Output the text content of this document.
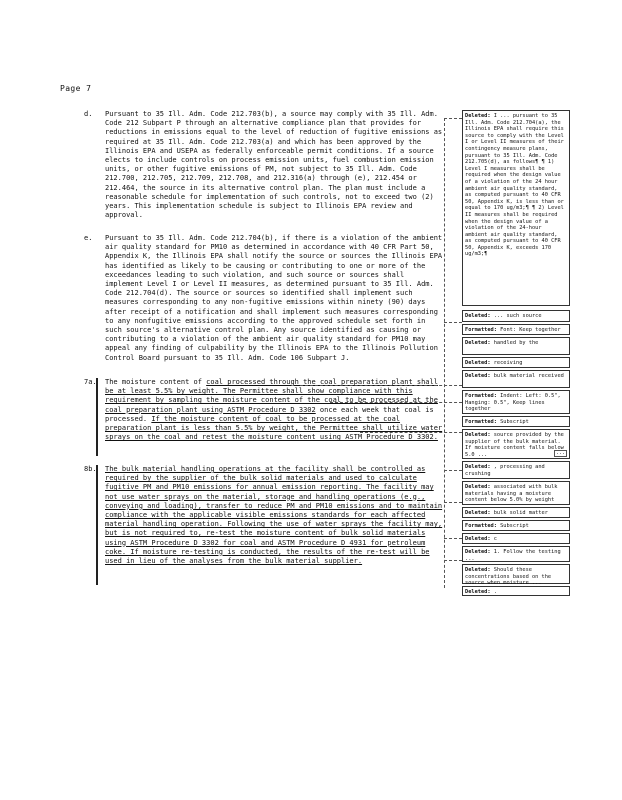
Page 7
d. Pursuant to 35 Ill. Adm. Code 212.703(b), a source may comply with 35 Ill. Adm. Code 212 Subpart P through an alternative compliance plan that provides for reductions in emissions equal to the level of reduction of fugitive emissions as required at 35 Ill. Adm. Code 212.703(a) and which has been approved by the Illinois EPA and USEPA as federally enforceable permit conditions. If a source elects to include controls on process emission units, fuel combustion emission units, or other fugitive emissions of PM, not subject to 35 Ill. Adm. Code 212.700, 212.705, 212.709, 212.708, and 212.316(a) through (e), 212.454 or 212.464, the source in its alternative control plan. The plan must include a reasonable schedule for implementation of such controls, not to exceed two (2) years. This implementation schedule is subject to Illinois EPA review and approval.
e. Pursuant to 35 Ill. Adm. Code 212.704(b), if there is a violation of the ambient air quality standard for PM10 as determined in accordance with 40 CFR Part 50, Appendix K, the Illinois EPA shall notify the source or sources the Illinois EPA has identified as likely to be causing or contributing to one or more of the exceedances leading to such violation, and such source or sources shall implement Level I or Level II measures, as determined pursuant to 35 Ill. Adm. Code 212.704(d). The source or sources so identified shall implement such measures corresponding to any non-fugitive emissions within ninety (90) days after receipt of a notification and shall implement such measures corresponding to any nonfugitive emissions according to the approved schedule set forth in such source's alternative control plan. Any source identified as causing or contributing to a violation of the ambient air quality standard for PM10 may appeal any finding of culpability by the Illinois EPA to the Illinois Pollution Control Board pursuant to 35 Ill. Adm. Code 106 Subpart J.
7a. The moisture content of coal processed through the coal preparation plant shall be at least 5.5% by weight. The Permittee shall show compliance with this requirement by sampling the moisture content of the coal to be processed at the coal preparation plant using ASTM Procedure D 3302 once each week that coal is processed. If the moisture content of coal to be processed at the coal preparation plant is less than 5.5% by weight, the Permittee shall utilize water sprays on the coal and retest the moisture content using ASTM Procedure D 3302.
8b. The bulk material handling operations at the facility shall be controlled as required by the supplier of the bulk solid materials and used to calculate fugitive PM and PM10 emissions for annual emission reporting. The facility may not use water sprays on the material, storage and handling operations (e.g., conveying and loading), transfer to reduce PM and PM10 emissions and to maintain compliance with the applicable visible emissions standards for each affected material handling operation. Following the use of water sprays the facility may, but is not required to, re-test the moisture content of bulk solid materials using ASTM Procedure D 3302 for coal and ASTM Procedure D 4931 for petroleum coke. If moisture re-testing is conducted, the results of the re-test will be used in lieu of the analyses from the bulk material supplier.
Deleted: I ... pursuant to 35 Ill. Adm. Code 212.704(a), the Illinois EPA shall require this source to comply with the Level I or Level II measures of their contingency measure plans, pursuant to 35 Ill. Adm. Code 212.705(d), as follows¶ ¶ 1) Level I measures shall be required when the design value of a violation of the 24 hour ambient air quality standard, as computed pursuant to 40 CFR 50, Appendix K, is less than or equal to 170 ug/m3;¶ ¶ 2) Level II measures shall be required when the design value of a violation of the 24-hour ambient air quality standard, as computed pursuant to 40 CFR 50, Appendix K, exceeds 170 ug/m3;¶
Deleted: ... such source
Formatted: Font: Keep together
Deleted: handled by the
Deleted: receiving
Deleted: bulk material received
Formatted: Indent: Left: 0.5", Hanging: 0.5", Keep lines together
Formatted: Subscript
Deleted: source provided by the supplier of the bulk material. If moisture content falls below 5.0 ...	...
Deleted: , processing and crushing
Deleted: associated with bulk materials having a moisture content below 5.0% by weight
Deleted: bulk solid matter
Formatted: Subscript
Deleted: c
Deleted: 1. Follow the testing ...
Deleted: Should these concentrations based on the source when moisture ...
Deleted: .
